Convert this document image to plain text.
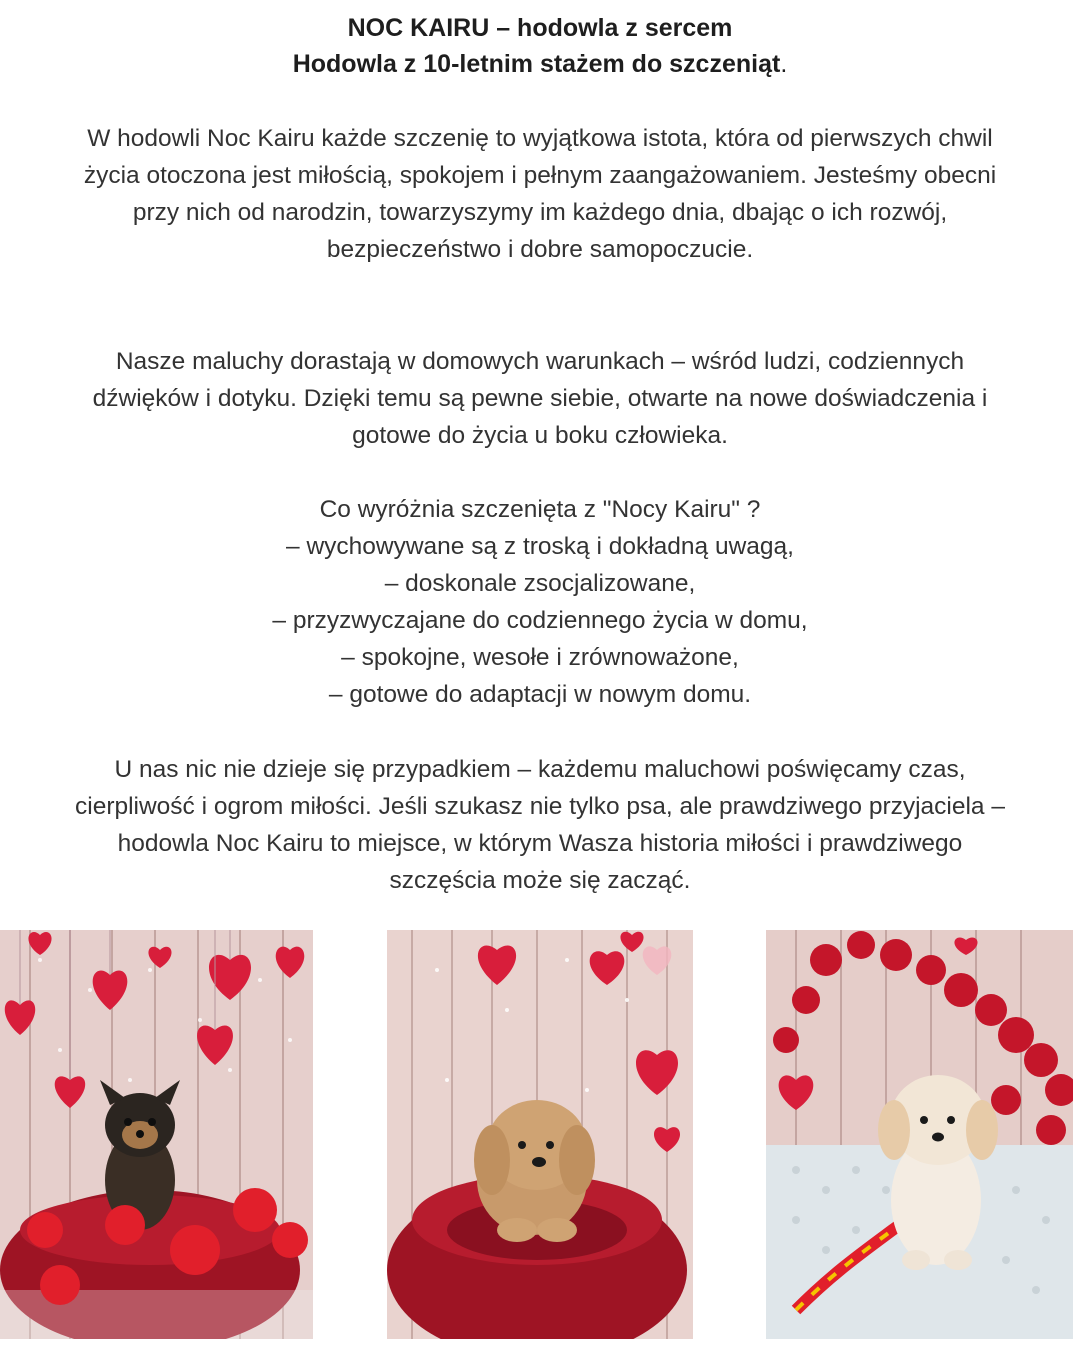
NOC KAIRU – hodowla z sercem
Hodowla z 10-letnim stażem do szczeniąt.
W hodowli Noc Kairu każde szczenię to wyjątkowa istota, która od pierwszych chwil
życia otoczona jest miłością, spokojem i pełnym zaangażowaniem. Jesteśmy obecni
przy nich od narodzin, towarzyszymy im każdego dnia, dbając o ich rozwój,
bezpieczeństwo i dobre samopoczucie.
Nasze maluchy dorastają w domowych warunkach – wśród ludzi, codziennych
dźwięków i dotyku. Dzięki temu są pewne siebie, otwarte na nowe doświadczenia i
gotowe do życia u boku człowieka.
Co wyróżnia szczenięta z "Nocy Kairu" ?
– wychowywane są z troską i dokładną uwagą,
– doskonale zsocjalizowane,
– przyzwyczajane do codziennego życia w domu,
– spokojne, wesołe i zrównoważone,
– gotowe do adaptacji w nowym domu.
U nas nic nie dzieje się przypadkiem – każdemu maluchowi poświęcamy czas,
cierpliwość i ogrom miłości. Jeśli szukasz nie tylko psa, ale prawdziwego przyjaciela –
hodowla Noc Kairu to miejsce, w którym Wasza historia miłości i prawdziwego
szczęścia może się zacząć.
